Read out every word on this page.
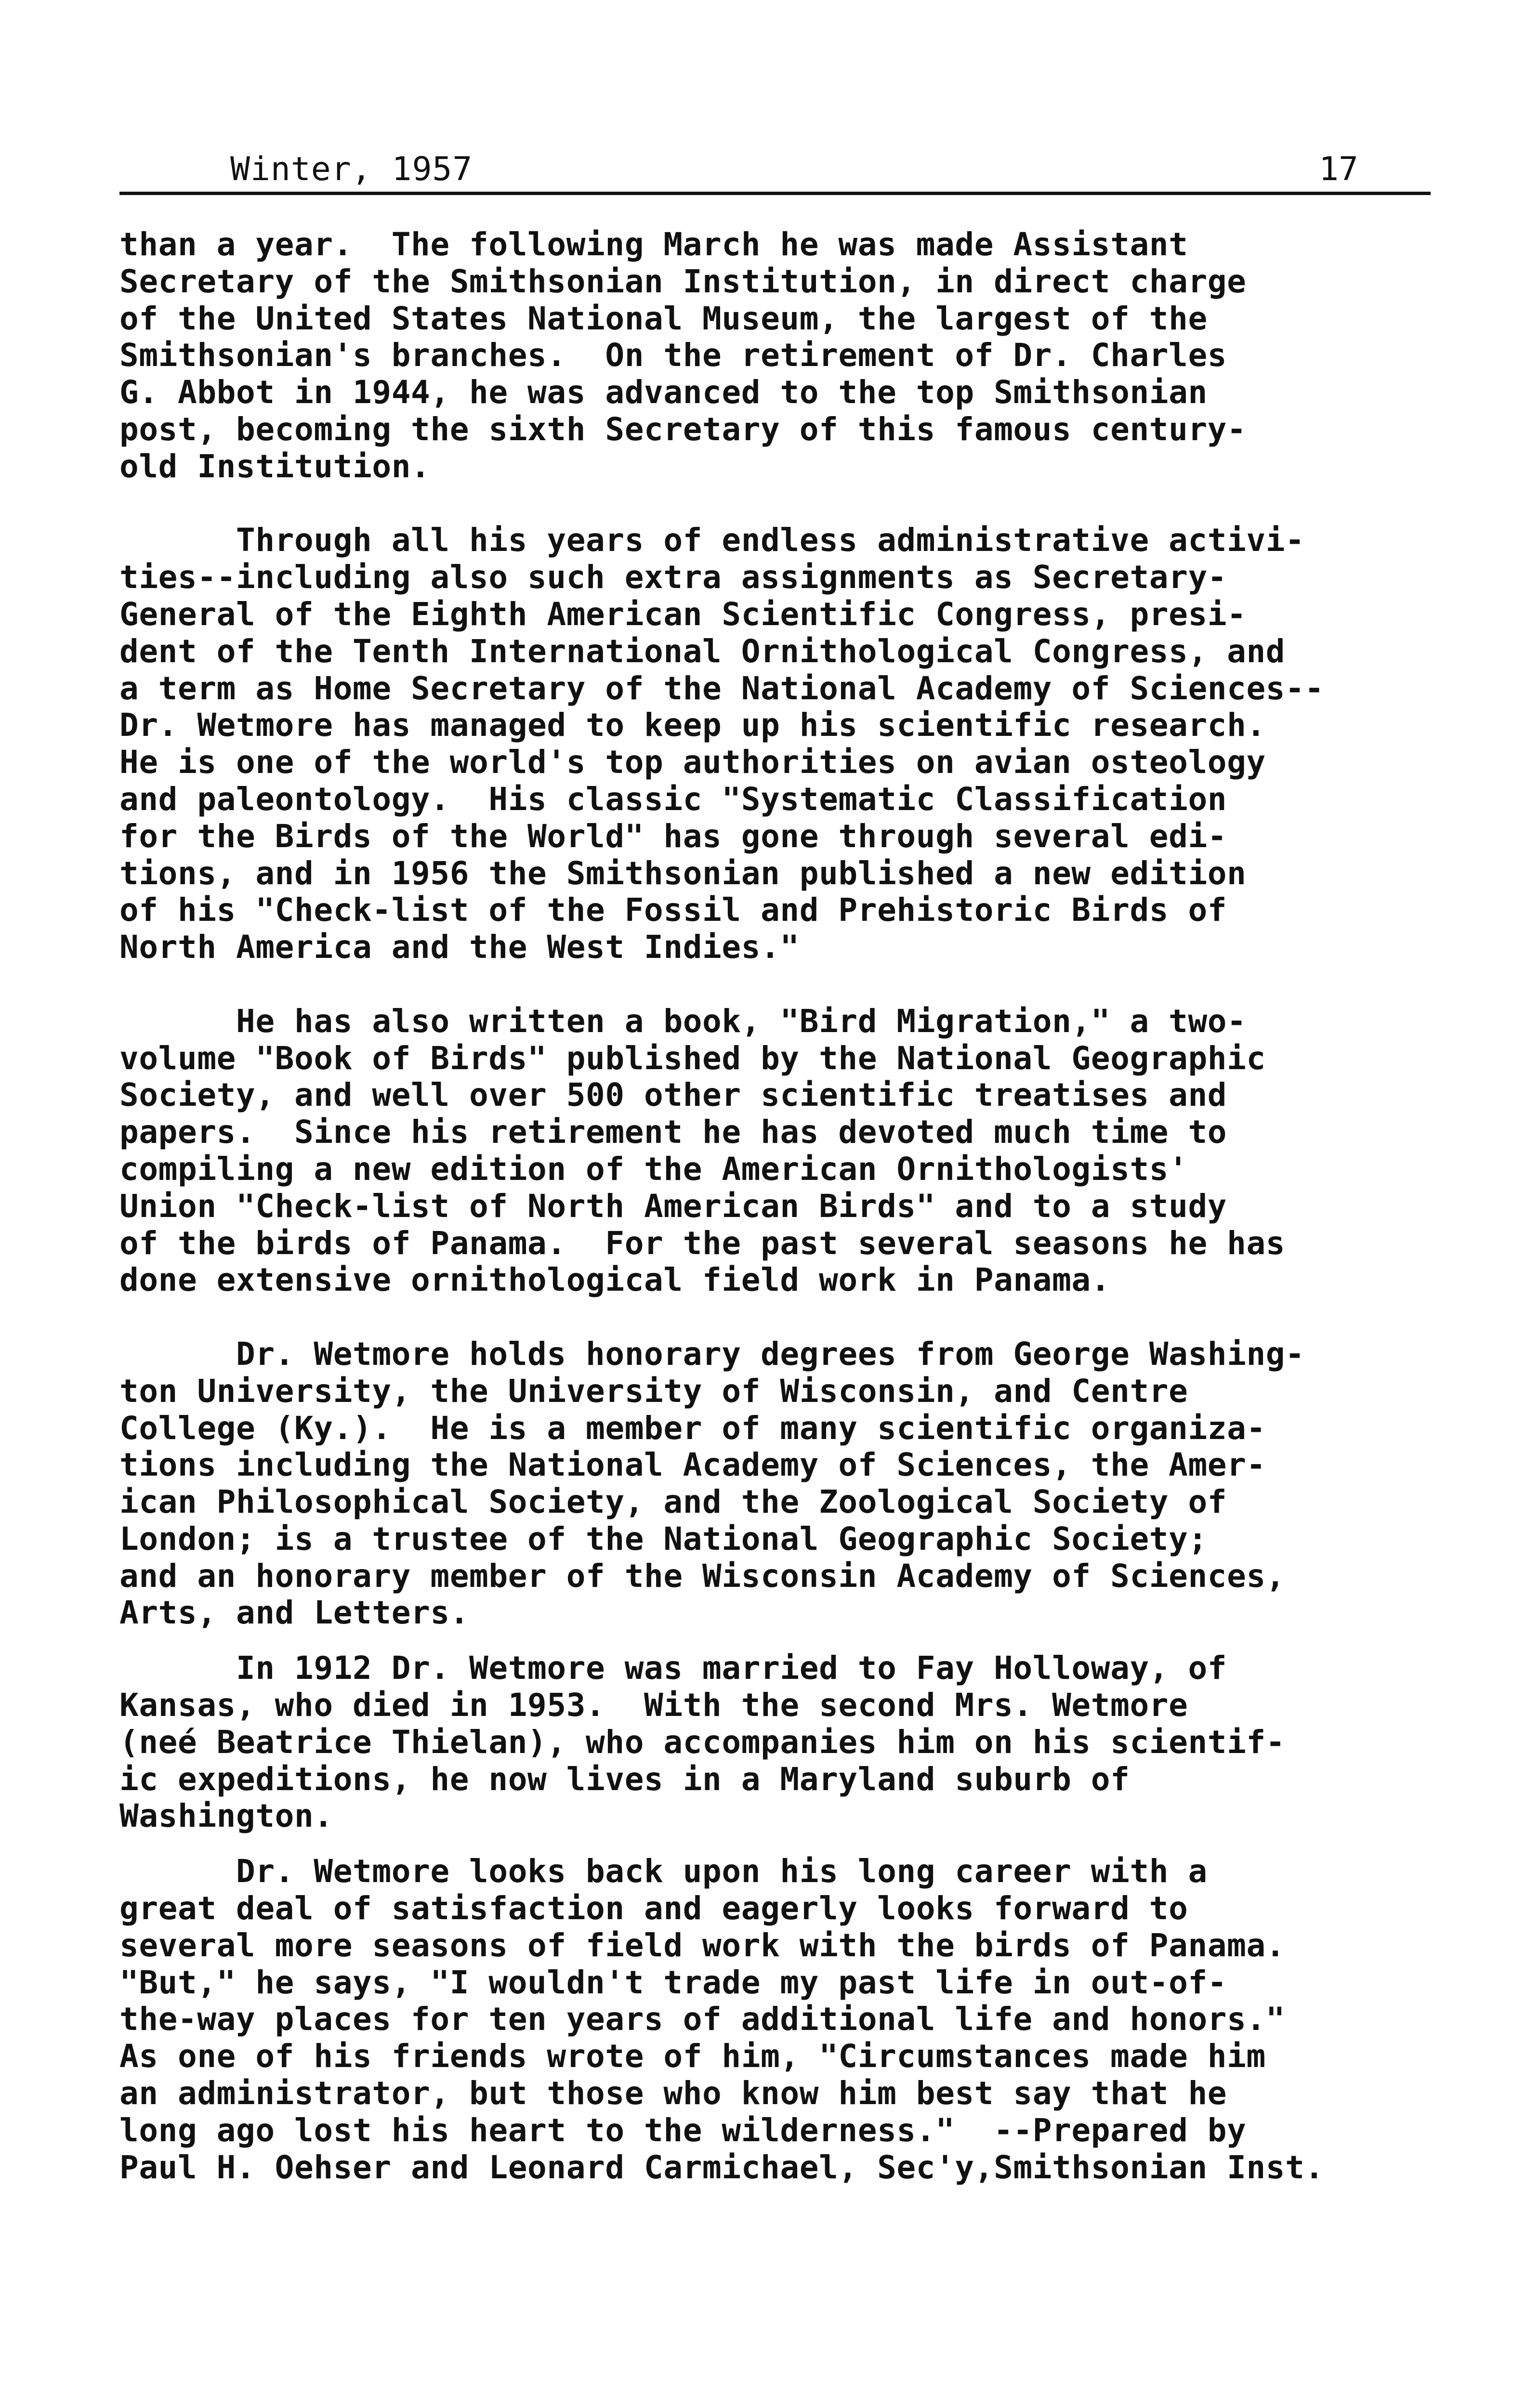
Winter, 1957	17
than a year.  The following March he was made Assistant
Secretary of the Smithsonian Institution, in direct charge
of the United States National Museum, the largest of the
Smithsonian's branches.  On the retirement of Dr. Charles
G. Abbot in 1944, he was advanced to the top Smithsonian
post, becoming the sixth Secretary of this famous century-
old Institution.
Through all his years of endless administrative activi-
ties--including also such extra assignments as Secretary-
General of the Eighth American Scientific Congress, presi-
dent of the Tenth International Ornithological Congress, and
a term as Home Secretary of the National Academy of Sciences--
Dr. Wetmore has managed to keep up his scientific research.
He is one of the world's top authorities on avian osteology
and paleontology.  His classic "Systematic Classification
for the Birds of the World" has gone through several edi-
tions, and in 1956 the Smithsonian published a new edition
of his "Check-list of the Fossil and Prehistoric Birds of
North America and the West Indies."
He has also written a book, "Bird Migration," a two-
volume "Book of Birds" published by the National Geographic
Society, and well over 500 other scientific treatises and
papers.  Since his retirement he has devoted much time to
compiling a new edition of the American Ornithologists'
Union "Check-list of North American Birds" and to a study
of the birds of Panama.  For the past several seasons he has
done extensive ornithological field work in Panama.
Dr. Wetmore holds honorary degrees from George Washing-
ton University, the University of Wisconsin, and Centre
College (Ky.).  He is a member of many scientific organiza-
tions including the National Academy of Sciences, the Amer-
ican Philosophical Society, and the Zoological Society of
London; is a trustee of the National Geographic Society;
and an honorary member of the Wisconsin Academy of Sciences,
Arts, and Letters.
In 1912 Dr. Wetmore was married to Fay Holloway, of
Kansas, who died in 1953.  With the second Mrs. Wetmore
(neé Beatrice Thielan), who accompanies him on his scientif-
ic expeditions, he now lives in a Maryland suburb of
Washington.
Dr. Wetmore looks back upon his long career with a
great deal of satisfaction and eagerly looks forward to
several more seasons of field work with the birds of Panama.
"But," he says, "I wouldn't trade my past life in out-of-
the-way places for ten years of additional life and honors."
As one of his friends wrote of him, "Circumstances made him
an administrator, but those who know him best say that he
long ago lost his heart to the wilderness."  --Prepared by
Paul H. Oehser and Leonard Carmichael, Sec'y,Smithsonian Inst.
